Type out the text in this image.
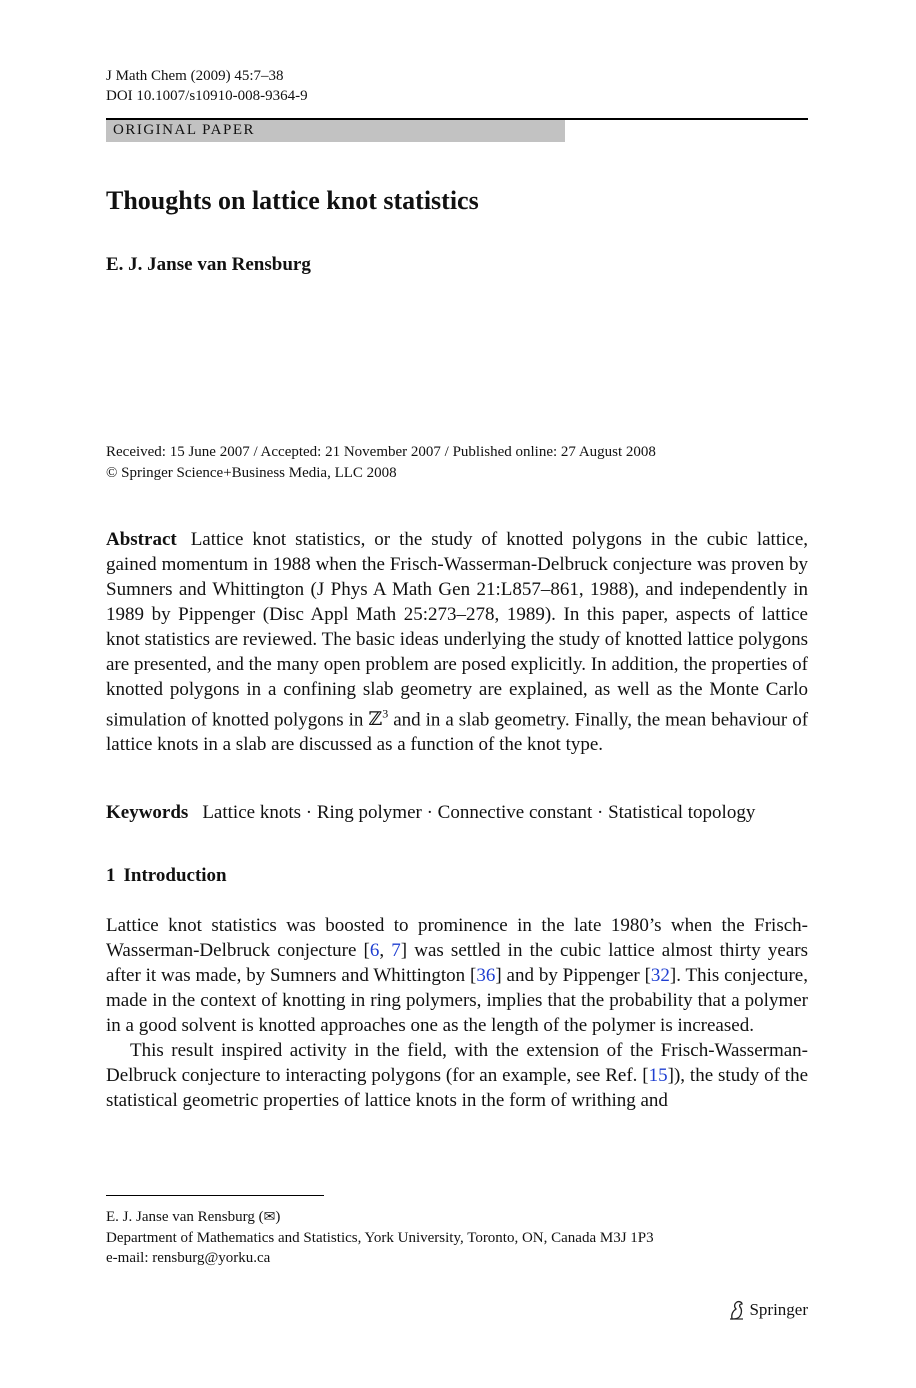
J Math Chem (2009) 45:7–38
DOI 10.1007/s10910-008-9364-9
ORIGINAL PAPER
Thoughts on lattice knot statistics
E. J. Janse van Rensburg
Received: 15 June 2007 / Accepted: 21 November 2007 / Published online: 27 August 2008
© Springer Science+Business Media, LLC 2008

Abstract Lattice knot statistics, or the study of knotted polygons in the cubic lattice, gained momentum in 1988 when the Frisch-Wasserman-Delbruck conjecture was proven by Sumners and Whittington (J Phys A Math Gen 21:L857–861, 1988), and independently in 1989 by Pippenger (Disc Appl Math 25:273–278, 1989). In this paper, aspects of lattice knot statistics are reviewed. The basic ideas underlying the study of knotted lattice polygons are presented, and the many open problem are posed explicitly. In addition, the properties of knotted polygons in a confining slab geometry are explained, as well as the Monte Carlo simulation of knotted polygons in ℤ$^3$ and in a slab geometry. Finally, the mean behaviour of lattice knots in a slab are discussed as a function of the knot type.

Keywords Lattice knots · Ring polymer · Connective constant · Statistical topology
1 Introduction

Lattice knot statistics was boosted to prominence in the late 1980’s when the Frisch-Wasserman-Delbruck conjecture [6, 7] was settled in the cubic lattice almost thirty years after it was made, by Sumners and Whittington [36] and by Pippenger [32]. This conjecture, made in the context of knotting in ring polymers, implies that the probability that a polymer in a good solvent is knotted approaches one as the length of the polymer is increased.

This result inspired activity in the field, with the extension of the Frisch-Wasserman-Delbruck conjecture to interacting polygons (for an example, see Ref. [15]), the study of the statistical geometric properties of lattice knots in the form of writhing and

E. J. Janse van Rensburg (✉)
Department of Mathematics and Statistics, York University, Toronto, ON, Canada M3J 1P3
e-mail: rensburg@yorku.ca
Springer
